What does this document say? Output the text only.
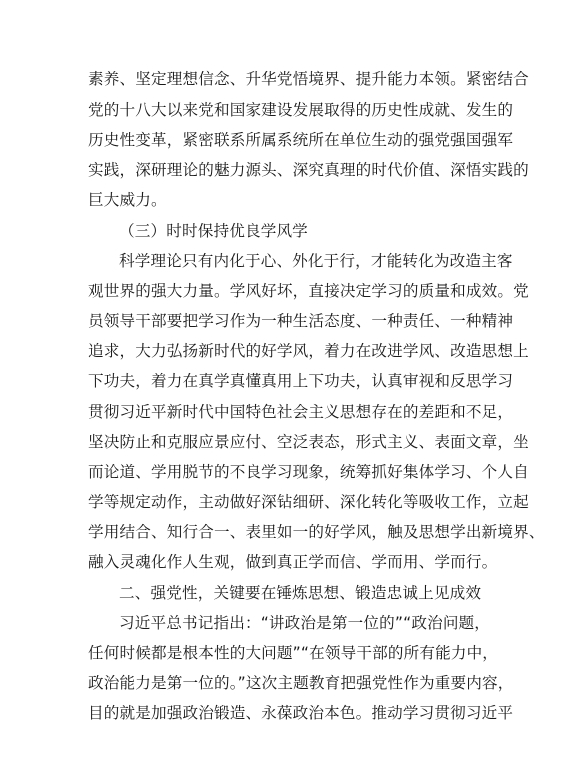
素养、坚定理想信念、升华党悟境界、提升能力本领。紧密结合
党的十八大以来党和国家建设发展取得的历史性成就、发生的
历史性变革，紧密联系所属系统所在单位生动的强党强国强军
实践，深研理论的魅力源头、深究真理的时代价值、深悟实践的
巨大威力。
（三）时时保持优良学风学
科学理论只有内化于心、外化于行，才能转化为改造主客
观世界的强大力量。学风好坏，直接决定学习的质量和成效。党
员领导干部要把学习作为一种生活态度、一种责任、一种精神
追求，大力弘扬新时代的好学风，着力在改进学风、改造思想上
下功夫，着力在真学真懂真用上下功夫，认真审视和反思学习
贯彻习近平新时代中国特色社会主义思想存在的差距和不足，
坚决防止和克服应景应付、空泛表态，形式主义、表面文章，坐
而论道、学用脱节的不良学习现象，统筹抓好集体学习、个人自
学等规定动作，主动做好深钻细研、深化转化等吸收工作，立起
学用结合、知行合一、表里如一的好学风，触及思想学出新境界、
融入灵魂化作人生观，做到真正学而信、学而用、学而行。
二、强党性，关键要在锤炼思想、锻造忠诚上见成效
习近平总书记指出：“讲政治是第一位的”“政治问题，
任何时候都是根本性的大问题”“在领导干部的所有能力中，
政治能力是第一位的。”这次主题教育把强党性作为重要内容，
目的就是加强政治锻造、永葆政治本色。推动学习贯彻习近平
